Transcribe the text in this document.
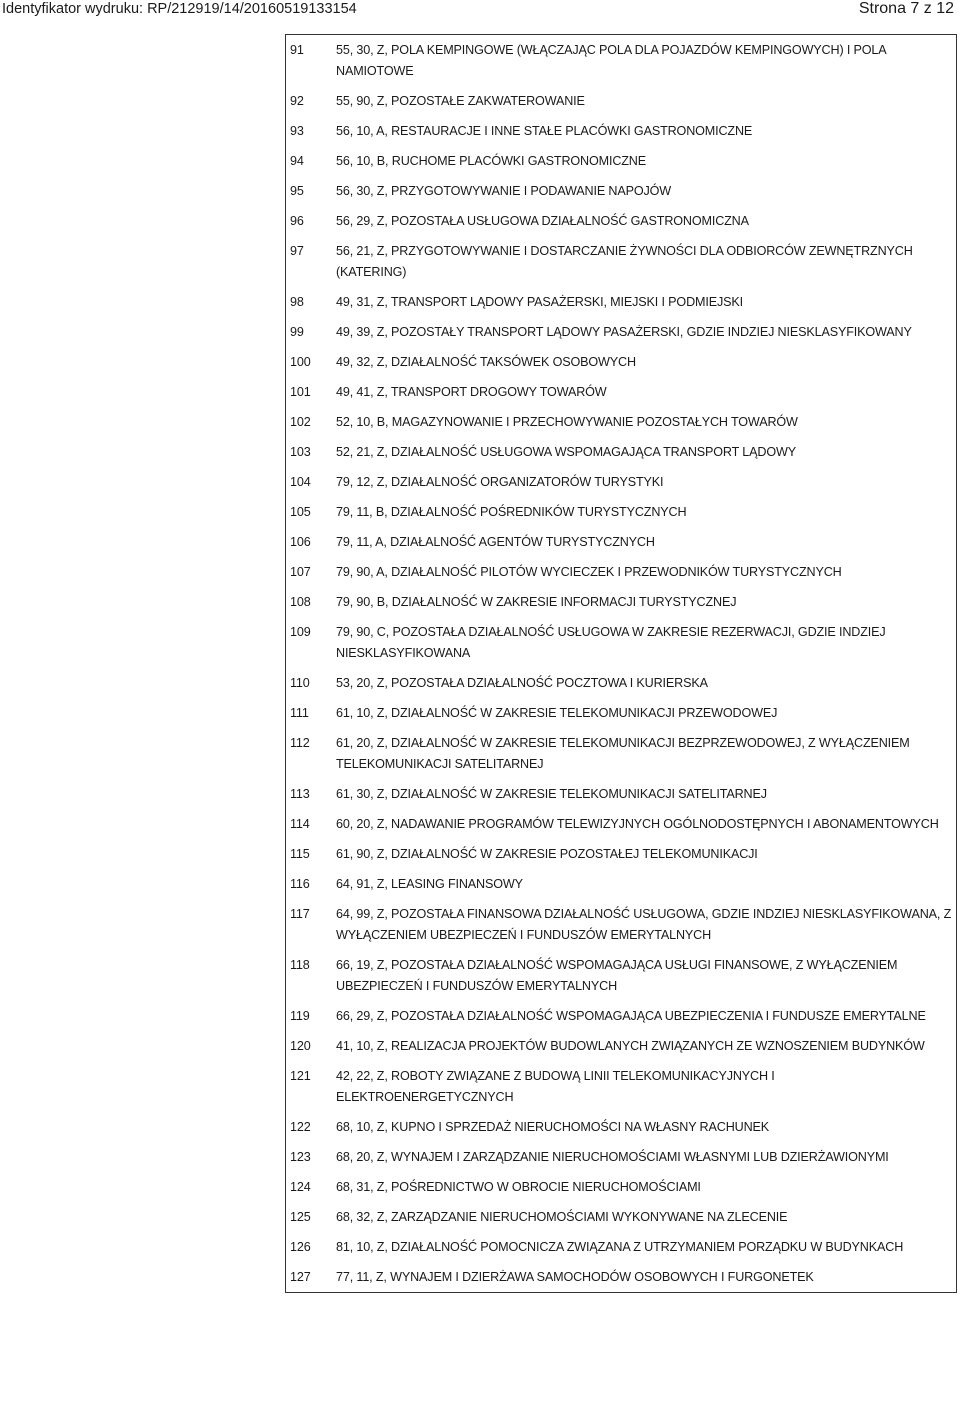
Identyfikator wydruku: RP/212919/14/20160519133154	Strona 7 z 12
91	55, 30, Z, POLA KEMPINGOWE (WŁĄCZAJĄC POLA DLA POJAZDÓW KEMPINGOWYCH) I POLA NAMIOTOWE
92	55, 90, Z, POZOSTAŁE ZAKWATEROWANIE
93	56, 10, A, RESTAURACJE I INNE STAŁE PLACÓWKI GASTRONOMICZNE
94	56, 10, B, RUCHOME PLACÓWKI GASTRONOMICZNE
95	56, 30, Z, PRZYGOTOWYWANIE I PODAWANIE NAPOJÓW
96	56, 29, Z, POZOSTAŁA USŁUGOWA DZIAŁALNOŚĆ GASTRONOMICZNA
97	56, 21, Z, PRZYGOTOWYWANIE I DOSTARCZANIE ŻYWNOŚCI DLA ODBIORCÓW ZEWNĘTRZNYCH (KATERING)
98	49, 31, Z, TRANSPORT LĄDOWY PASAŻERSKI, MIEJSKI I PODMIEJSKI
99	49, 39, Z, POZOSTAŁY TRANSPORT LĄDOWY PASAŻERSKI, GDZIE INDZIEJ NIESKLASYFIKOWANY
100	49, 32, Z, DZIAŁALNOŚĆ TAKSÓWEK OSOBOWYCH
101	49, 41, Z, TRANSPORT DROGOWY TOWARÓW
102	52, 10, B, MAGAZYNOWANIE I PRZECHOWYWANIE POZOSTAŁYCH TOWARÓW
103	52, 21, Z, DZIAŁALNOŚĆ USŁUGOWA WSPOMAGAJĄCA TRANSPORT LĄDOWY
104	79, 12, Z, DZIAŁALNOŚĆ ORGANIZATORÓW TURYSTYKI
105	79, 11, B, DZIAŁALNOŚĆ POŚREDNIKÓW TURYSTYCZNYCH
106	79, 11, A, DZIAŁALNOŚĆ AGENTÓW TURYSTYCZNYCH
107	79, 90, A, DZIAŁALNOŚĆ PILOTÓW WYCIECZEK I PRZEWODNIKÓW TURYSTYCZNYCH
108	79, 90, B, DZIAŁALNOŚĆ W ZAKRESIE INFORMACJI TURYSTYCZNEJ
109	79, 90, C, POZOSTAŁA DZIAŁALNOŚĆ USŁUGOWA W ZAKRESIE REZERWACJI, GDZIE INDZIEJ NIESKLASYFIKOWANA
110	53, 20, Z, POZOSTAŁA DZIAŁALNOŚĆ POCZTOWA I KURIERSKA
111	61, 10, Z, DZIAŁALNOŚĆ W ZAKRESIE TELEKOMUNIKACJI PRZEWODOWEJ
112	61, 20, Z, DZIAŁALNOŚĆ W ZAKRESIE TELEKOMUNIKACJI BEZPRZEWODOWEJ, Z WYŁĄCZENIEM TELEKOMUNIKACJI SATELITARNEJ
113	61, 30, Z, DZIAŁALNOŚĆ W ZAKRESIE TELEKOMUNIKACJI SATELITARNEJ
114	60, 20, Z, NADAWANIE PROGRAMÓW TELEWIZYJNYCH OGÓLNODOSTĘPNYCH I ABONAMENTOWYCH
115	61, 90, Z, DZIAŁALNOŚĆ W ZAKRESIE POZOSTAŁEJ TELEKOMUNIKACJI
116	64, 91, Z, LEASING FINANSOWY
117	64, 99, Z, POZOSTAŁA FINANSOWA DZIAŁALNOŚĆ USŁUGOWA, GDZIE INDZIEJ NIESKLASYFIKOWANA, Z WYŁĄCZENIEM UBEZPIECZEŃ I FUNDUSZÓW EMERYTALNYCH
118	66, 19, Z, POZOSTAŁA DZIAŁALNOŚĆ WSPOMAGAJĄCA USŁUGI FINANSOWE, Z WYŁĄCZENIEM UBEZPIECZEŃ I FUNDUSZÓW EMERYTALNYCH
119	66, 29, Z, POZOSTAŁA DZIAŁALNOŚĆ WSPOMAGAJĄCA UBEZPIECZENIA I FUNDUSZE EMERYTALNE
120	41, 10, Z, REALIZACJA PROJEKTÓW BUDOWLANYCH ZWIĄZANYCH ZE WZNOSZENIEM BUDYNKÓW
121	42, 22, Z, ROBOTY ZWIĄZANE Z BUDOWĄ LINII TELEKOMUNIKACYJNYCH I ELEKTROENERGETYCZNYCH
122	68, 10, Z, KUPNO I SPRZEDAŻ NIERUCHOMOŚCI NA WŁASNY RACHUNEK
123	68, 20, Z, WYNAJEM I ZARZĄDZANIE NIERUCHOMOŚCIAMI WŁASNYMI LUB DZIERŻAWIONYMI
124	68, 31, Z, POŚREDNICTWO W OBROCIE NIERUCHOMOŚCIAMI
125	68, 32, Z, ZARZĄDZANIE NIERUCHOMOŚCIAMI WYKONYWANE NA ZLECENIE
126	81, 10, Z, DZIAŁALNOŚĆ POMOCNICZA ZWIĄZANA Z UTRZYMANIEM PORZĄDKU W BUDYNKACH
127	77, 11, Z, WYNAJEM I DZIERŻAWA SAMOCHODÓW OSOBOWYCH I FURGONETEK
